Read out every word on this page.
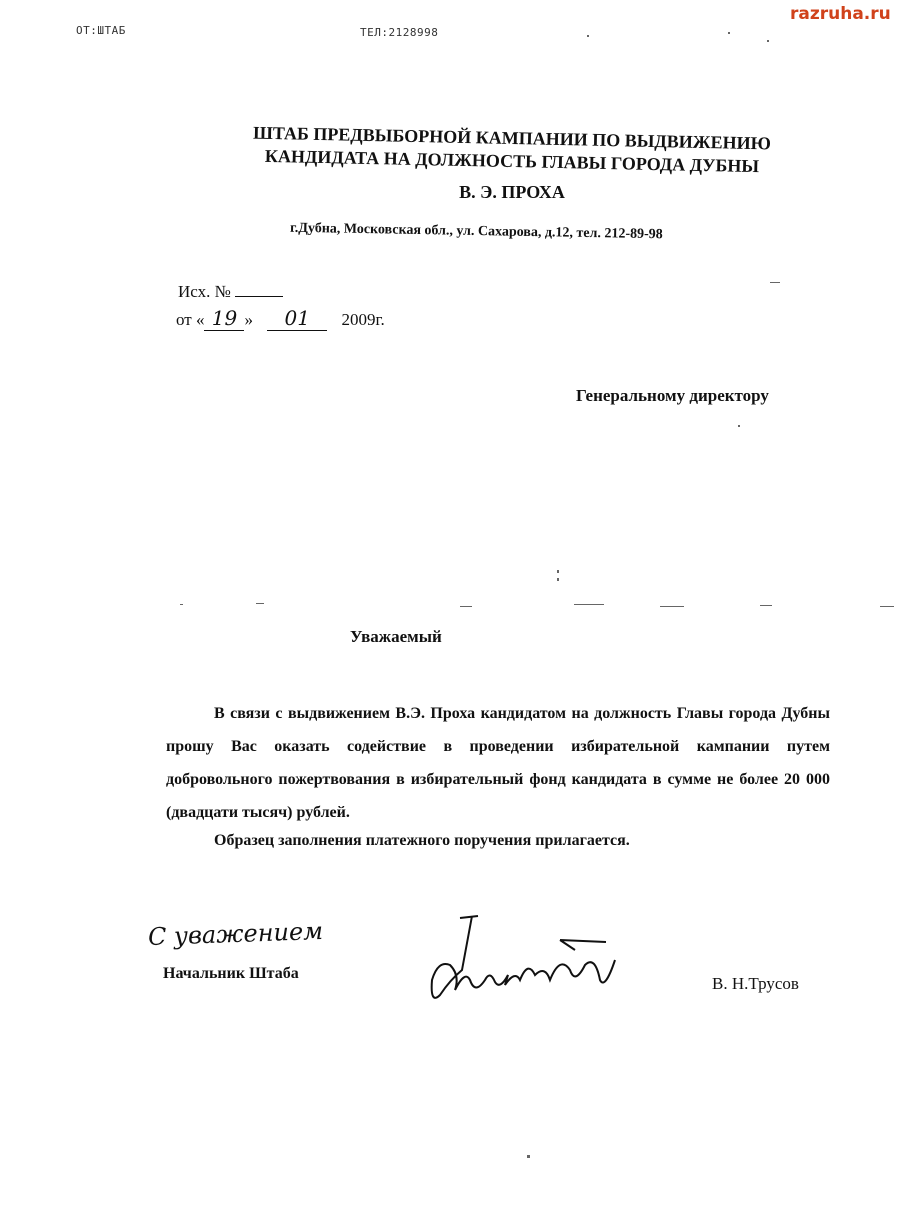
ОТ:ШТАБ	ТЕЛ:2128998
razruha.ru
ШТАБ ПРЕДВЫБОРНОЙ КАМПАНИИ ПО ВЫДВИЖЕНИЮ
КАНДИДАТА НА ДОЛЖНОСТЬ ГЛАВЫ ГОРОДА ДУБНЫ
В. Э. ПРОХА
г.Дубна, Московская обл., ул. Сахарова, д.12, тел. 212-89-98
Исх. №
от « 19 » 01 2009г.
Генеральному директору
Уважаемый
В связи с выдвижением В.Э. Проха кандидатом на должность Главы города Дубны прошу Вас оказать содействие в проведении избирательной кампании путем добровольного пожертвования в избирательный фонд кандидата в сумме не более 20 000 (двадцати тысяч) рублей.
Образец заполнения платежного поручения прилагается.
С уважением
Начальник Штаба
В. Н.Трусов
